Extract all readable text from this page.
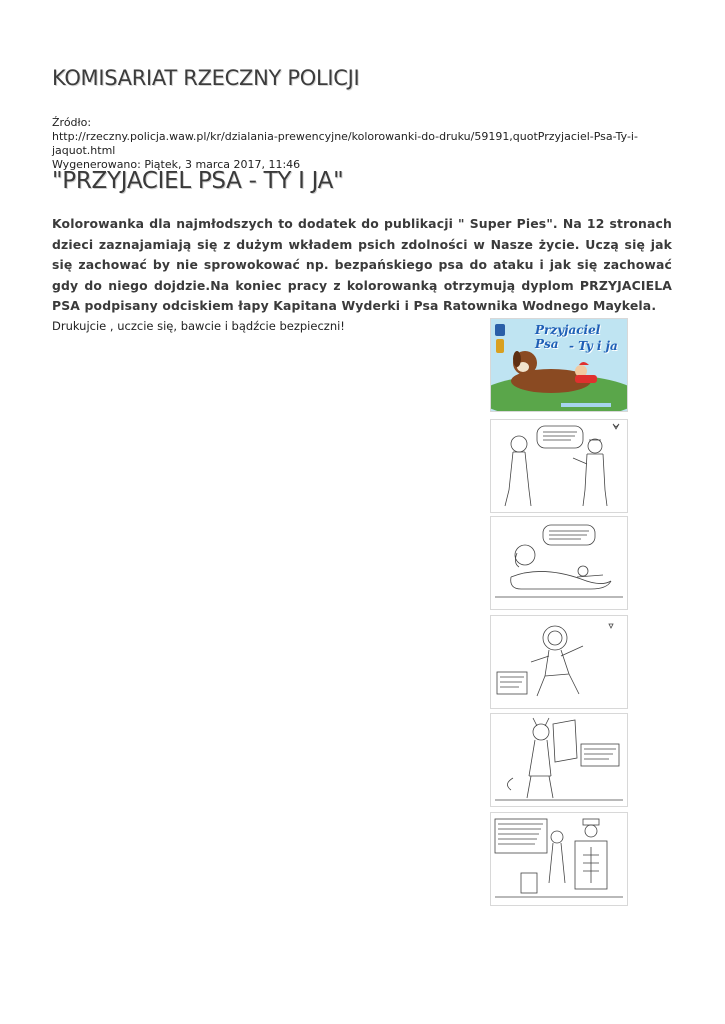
KOMISARIAT RZECZNY POLICJI
Źródło:
http://rzeczny.policja.waw.pl/kr/dzialania-prewencyjne/kolorowanki-do-druku/59191,quotPrzyjaciel-Psa-Ty-i-jaquot.html
Wygenerowano: Piątek, 3 marca 2017, 11:46
"PRZYJACIEL PSA - TY I JA"

Kolorowanka dla najmłodszych to dodatek do publikacji " Super Pies". Na 12 stronach dzieci zaznajamiają się z dużym wkładem psich zdolności w Nasze życie. Uczą się jak się zachować by nie sprowokować np. bezpańskiego psa do ataku i jak się zachować gdy do niego dojdzie.Na koniec pracy z kolorowanką otrzymują dyplom PRZYJACIELA PSA podpisany odciskiem łapy Kapitana Wyderki i Psa Ratownika Wodnego Maykela.

Drukujcie , uczcie się, bawcie i bądźcie bezpieczni!	Przyjaciel Psa - Ty i ja
